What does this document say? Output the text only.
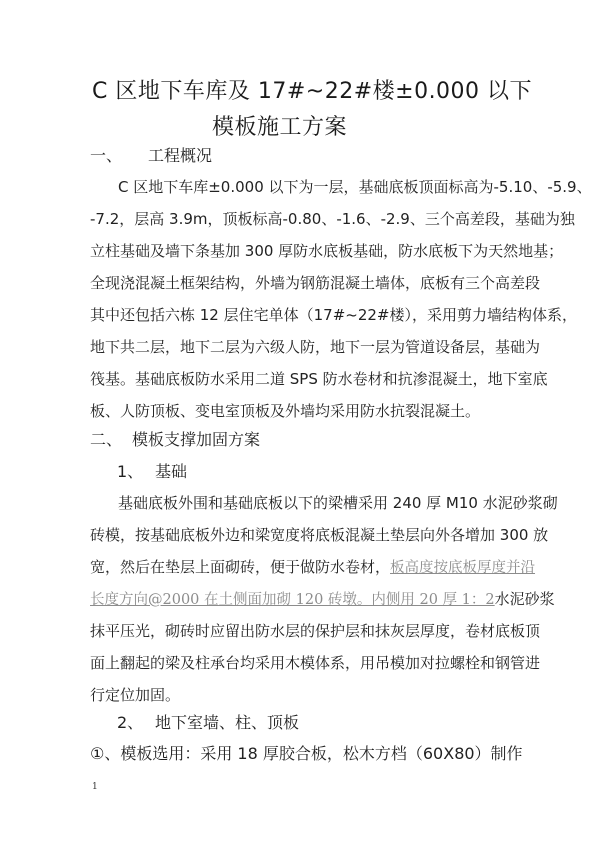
C 区地下车库及 17#~22#楼±0.000 以下
模板施工方案
一、 工程概况
C 区地下车库±0.000 以下为一层，基础底板顶面标高为-5.10、-5.9、
-7.2，层高 3.9m，顶板标高-0.80、-1.6、-2.9、三个高差段，基础为独
立柱基础及墙下条基加 300 厚防水底板基础，防水底板下为天然地基；
全现浇混凝土框架结构，外墙为钢筋混凝土墙体，底板有三个高差段
其中还包括六栋 12 层住宅单体（17#~22#楼），采用剪力墙结构体系，
地下共二层，地下二层为六级人防，地下一层为管道设备层，基础为
筏基。基础底板防水采用二道 SPS 防水卷材和抗渗混凝土，地下室底
板、人防顶板、变电室顶板及外墙均采用防水抗裂混凝土。
二、 模板支撑加固方案
1、 基础
基础底板外围和基础底板以下的梁槽采用 240 厚 M10 水泥砂浆砌
砖模，按基础底板外边和梁宽度将底板混凝土垫层向外各增加 300 放
宽，然后在垫层上面砌砖，便于做防水卷材，板高度按底板厚度并沿
长度方向@2000 在土侧面加砌 120 砖墩。内侧用 20 厚 1：2水泥砂浆
抹平压光，砌砖时应留出防水层的保护层和抹灰层厚度，卷材底板顶
面上翻起的梁及柱承台均采用木模体系，用吊模加对拉螺栓和钢管进
行定位加固。
2、 地下室墙、柱、顶板
①、模板选用：采用 18 厚胶合板，松木方档（60X80）制作
1
